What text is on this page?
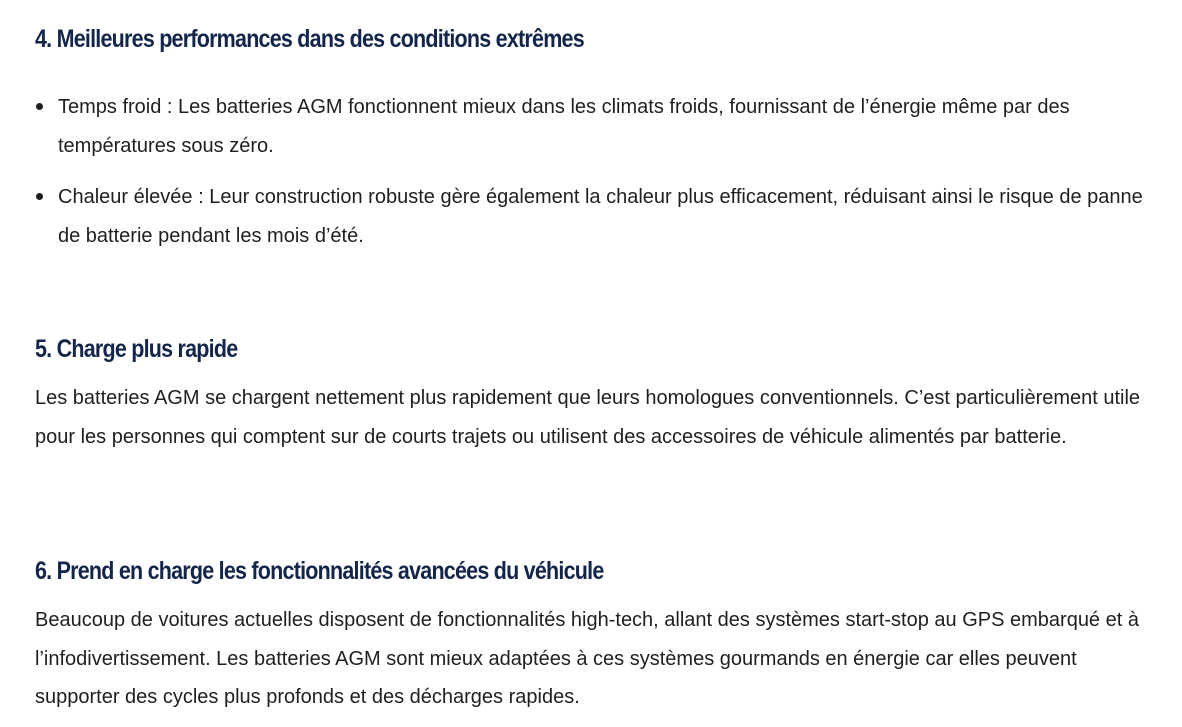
4. Meilleures performances dans des conditions extrêmes
Temps froid : Les batteries AGM fonctionnent mieux dans les climats froids, fournissant de l’énergie même par des températures sous zéro.
Chaleur élevée : Leur construction robuste gère également la chaleur plus efficacement, réduisant ainsi le risque de panne de batterie pendant les mois d’été.
5. Charge plus rapide

Les batteries AGM se chargent nettement plus rapidement que leurs homologues conventionnels. C’est particulièrement utile pour les personnes qui comptent sur de courts trajets ou utilisent des accessoires de véhicule alimentés par batterie.

6. Prend en charge les fonctionnalités avancées du véhicule

Beaucoup de voitures actuelles disposent de fonctionnalités high-tech, allant des systèmes start-stop au GPS embarqué et à l’infodivertissement. Les batteries AGM sont mieux adaptées à ces systèmes gourmands en énergie car elles peuvent supporter des cycles plus profonds et des décharges rapides.
